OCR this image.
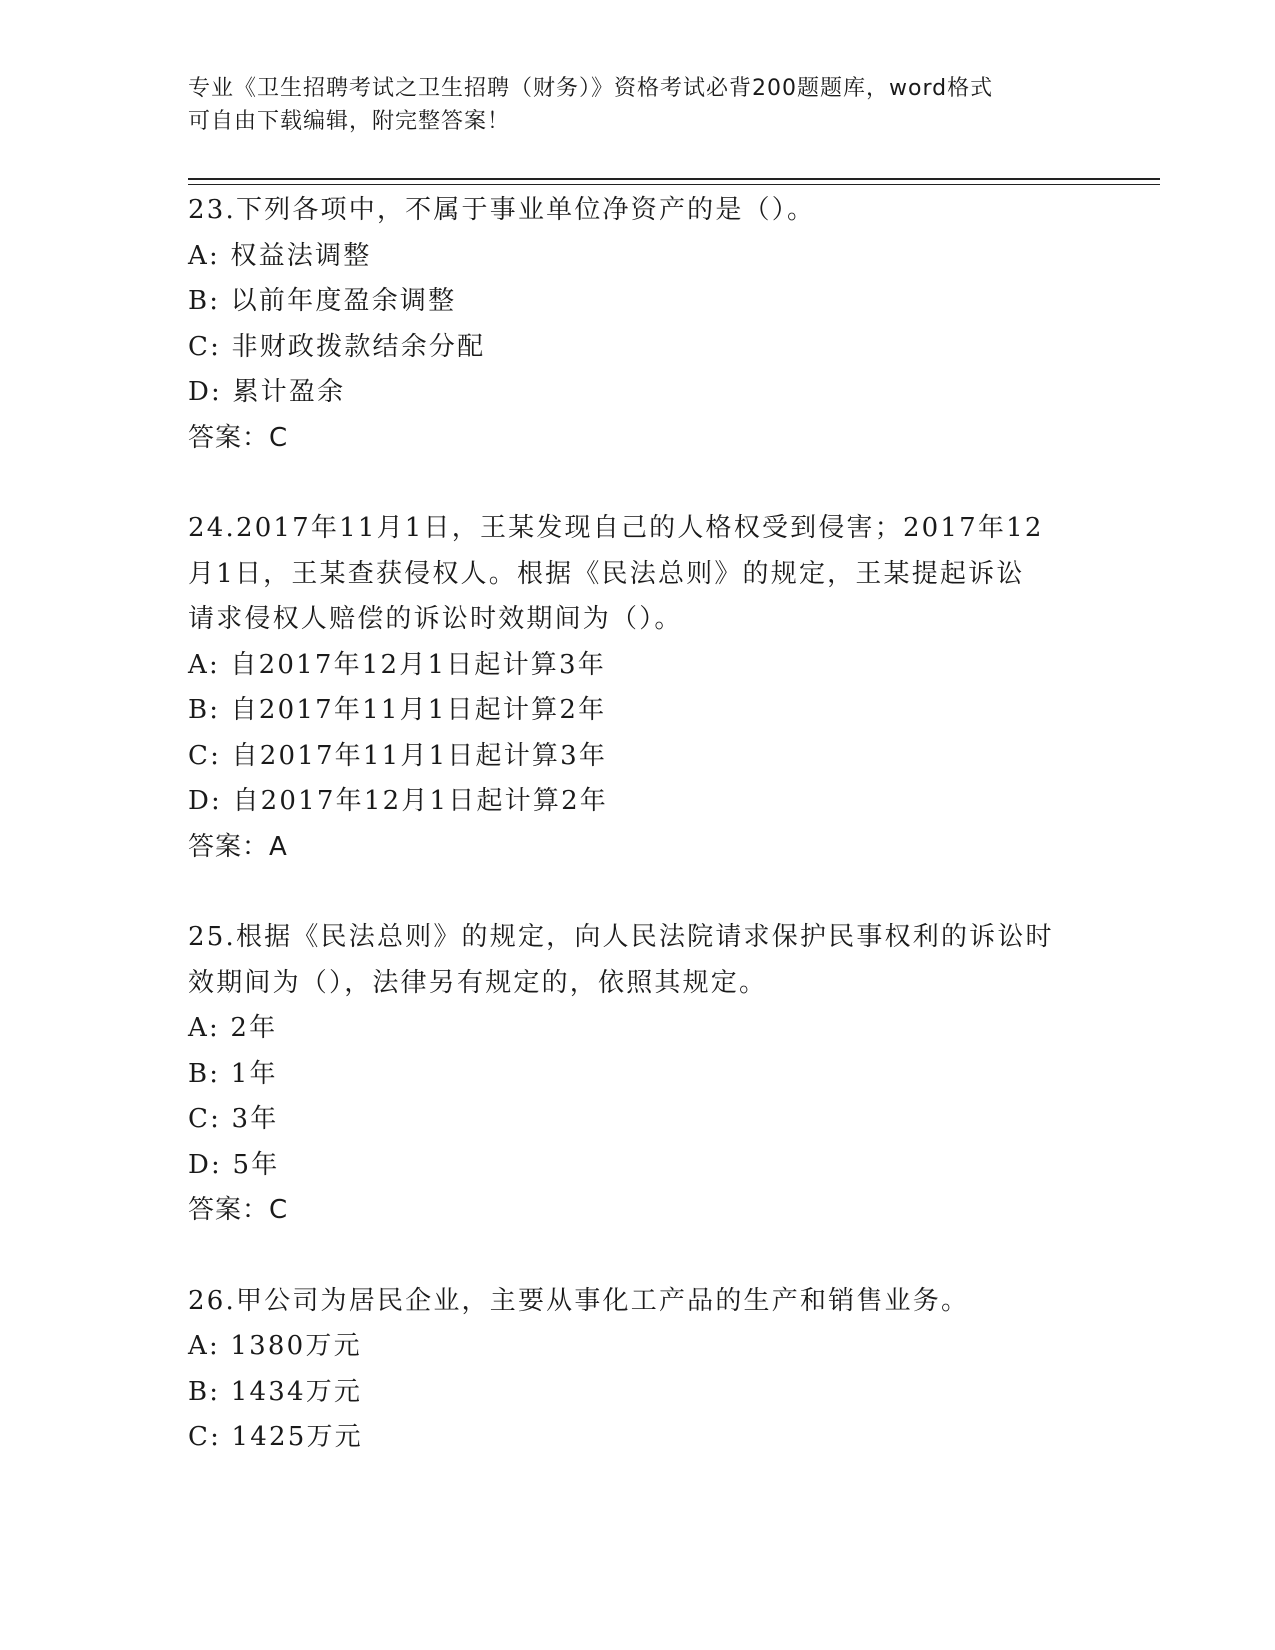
专业《卫生招聘考试之卫生招聘（财务）》资格考试必背200题题库，word格式
可自由下载编辑，附完整答案！

23.下列各项中，不属于事业单位净资产的是（）。

A: 权益法调整

B: 以前年度盈余调整

C: 非财政拨款结余分配

D: 累计盈余

答案：C

24.2017年11月1日，王某发现自己的人格权受到侵害；2017年12

月1日，王某查获侵权人。根据《民法总则》的规定，王某提起诉讼

请求侵权人赔偿的诉讼时效期间为（）。

A: 自2017年12月1日起计算3年

B: 自2017年11月1日起计算2年

C: 自2017年11月1日起计算3年

D: 自2017年12月1日起计算2年

答案：A

25.根据《民法总则》的规定，向人民法院请求保护民事权利的诉讼时

效期间为（），法律另有规定的，依照其规定。

A: 2年

B: 1年

C: 3年

D: 5年

答案：C

26.甲公司为居民企业，主要从事化工产品的生产和销售业务。

A: 1380万元

B: 1434万元

C: 1425万元
